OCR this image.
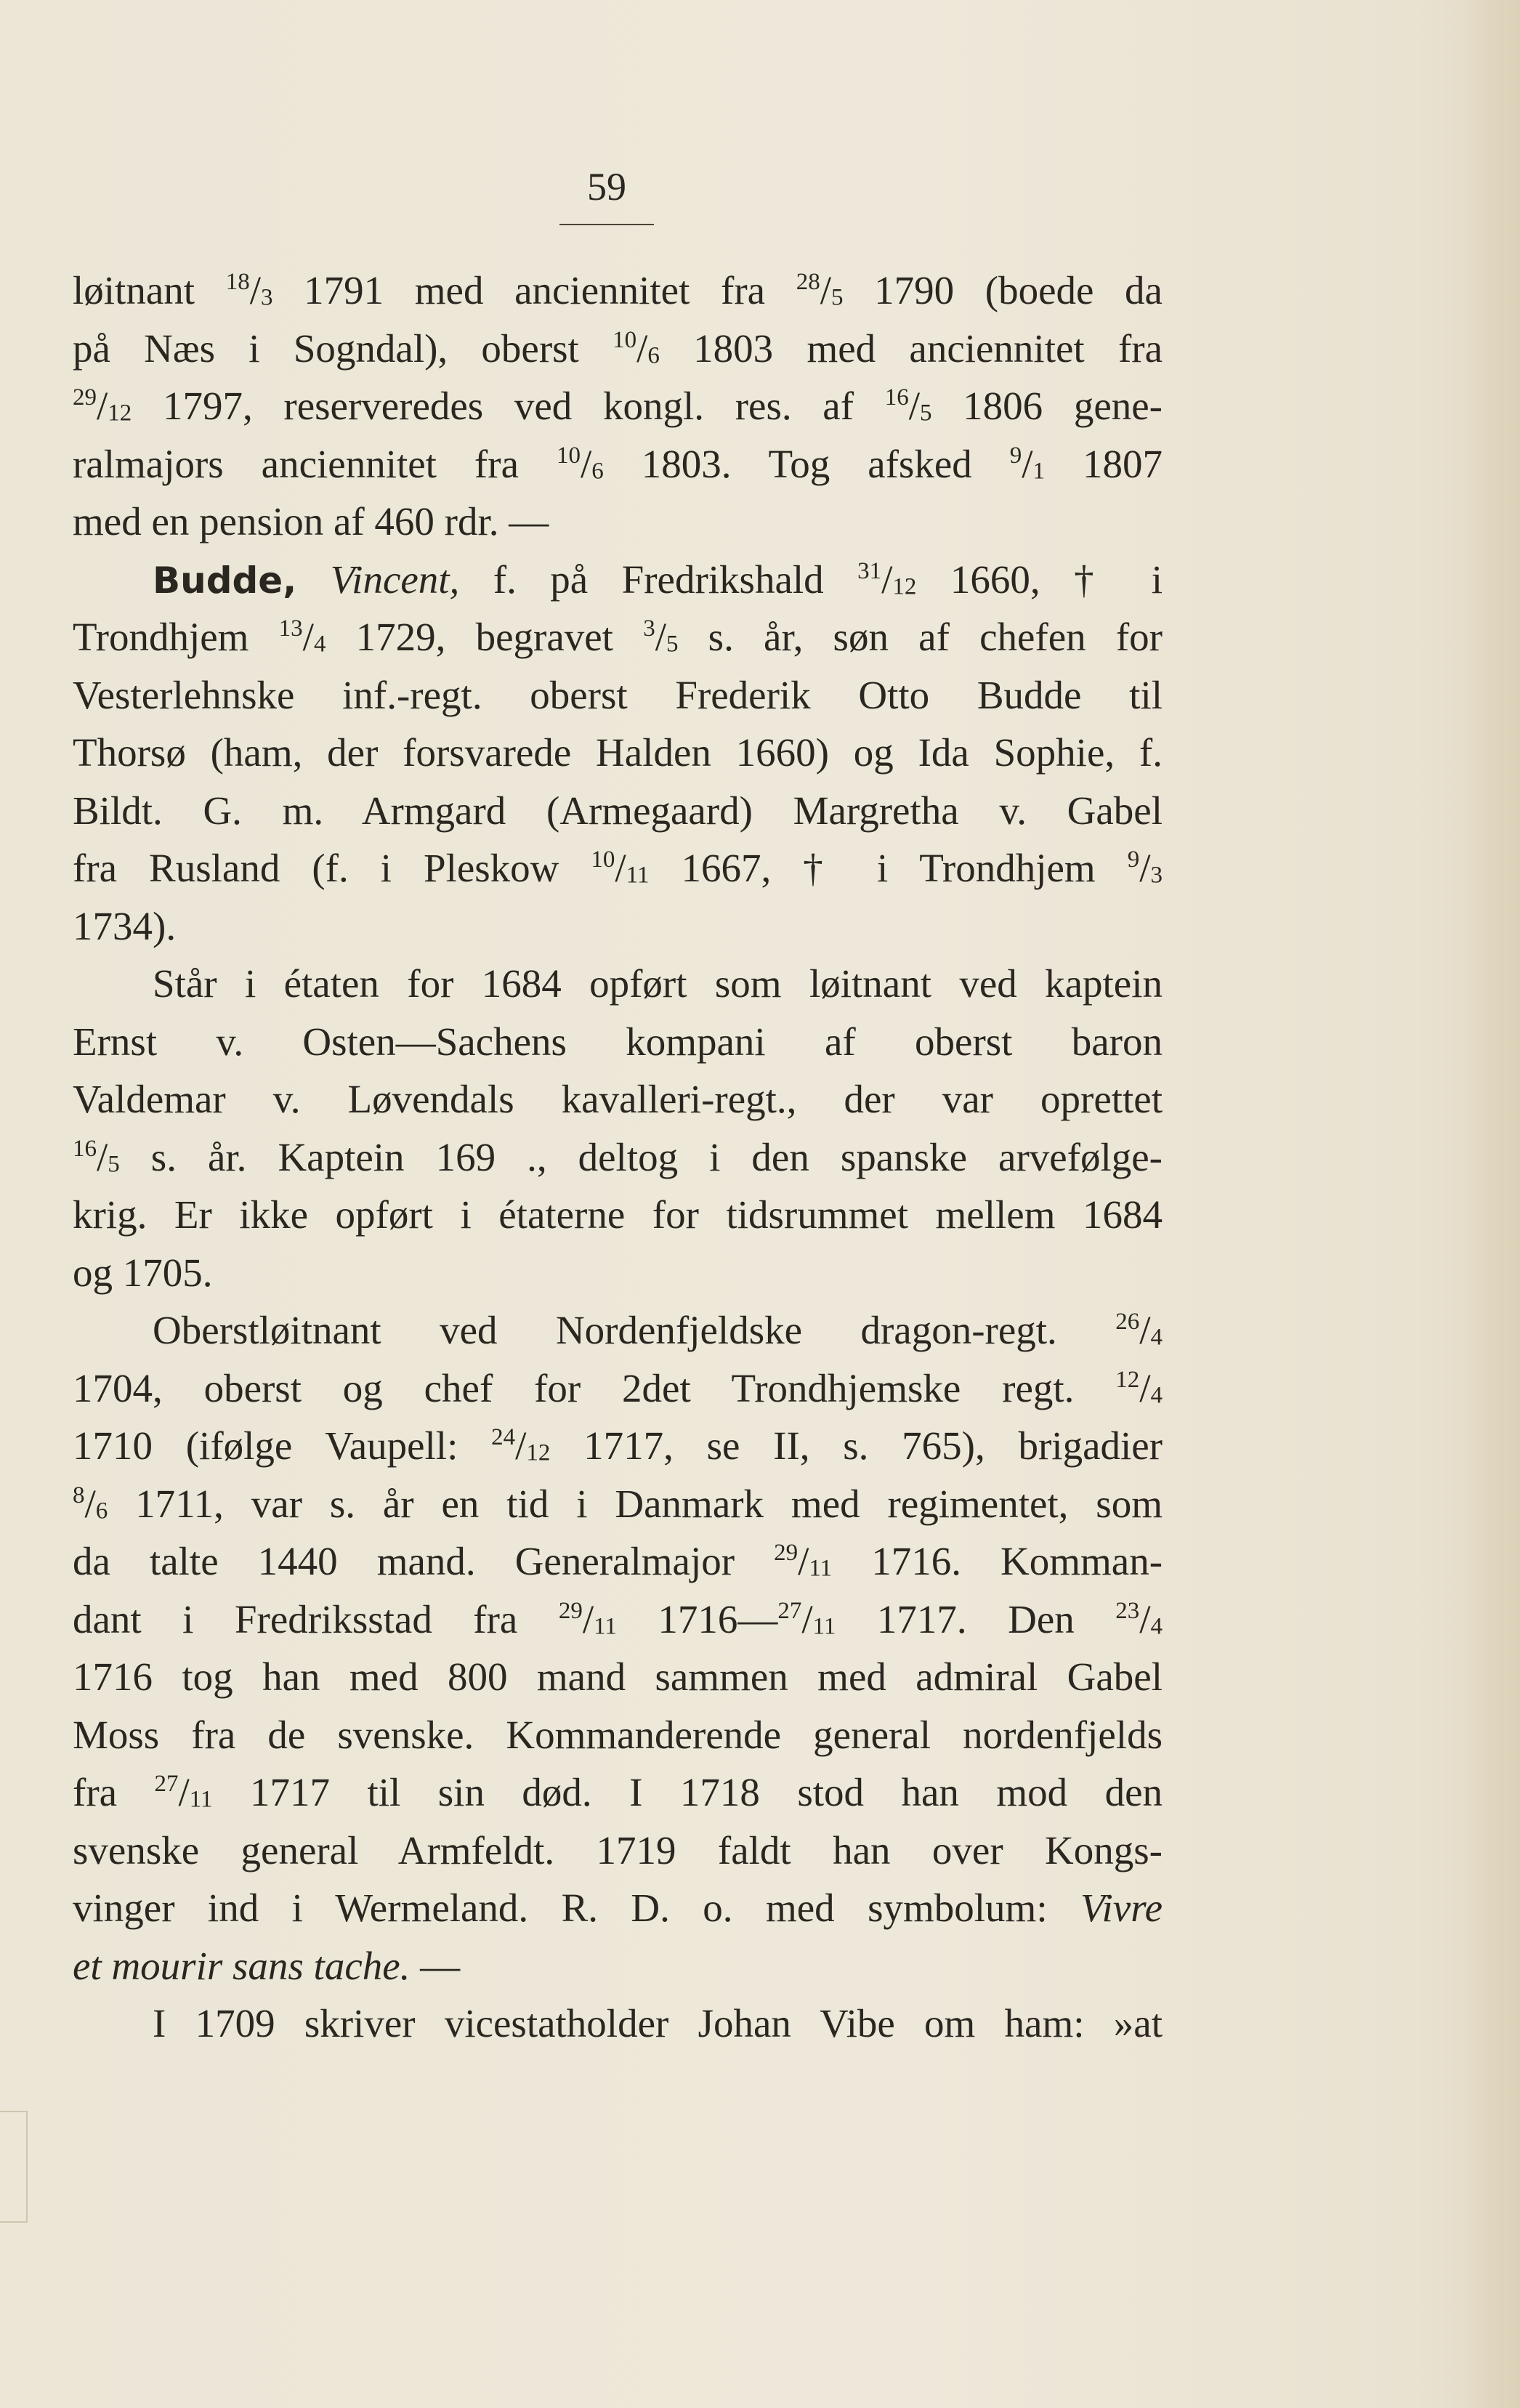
59
løitnant $^{18}/_3$ 1791 med anciennitet fra $^{28}/_5$ 1790 (boede da
på Næs i Sogndal), oberst $^{10}/_6$ 1803 med anciennitet fra
$^{29}/_{12}$ 1797, reserveredes ved kongl. res. af $^{16}/_5$ 1806 gene-
ralmajors anciennitet fra $^{10}/_6$ 1803. Tog afsked $^9/_1$ 1807
med en pension af 460 rdr. —
Budde, Vincent, f. på Fredrikshald $^{31}/_{12}$ 1660, † i
Trondhjem $^{13}/_4$ 1729, begravet $^3/_5$ s. år, søn af chefen for
Vesterlehnske inf.-regt. oberst Frederik Otto Budde til
Thorsø (ham, der forsvarede Halden 1660) og Ida Sophie, f.
Bildt. G. m. Armgard (Armegaard) Margretha v. Gabel
fra Rusland (f. i Pleskow $^{10}/_{11}$ 1667, † i Trondhjem $^9/_3$
1734).
Står i étaten for 1684 opført som løitnant ved kaptein
Ernst v. Osten—Sachens kompani af oberst baron
Valdemar v. Løvendals kavalleri-regt., der var oprettet
$^{16}/_5$ s. år. Kaptein 169 ., deltog i den spanske arvefølge-
krig. Er ikke opført i étaterne for tidsrummet mellem 1684
og 1705.
Oberstløitnant ved Nordenfjeldske dragon-regt. $^{26}/_4$
1704, oberst og chef for 2det Trondhjemske regt. $^{12}/_4$
1710 (ifølge Vaupell: $^{24}/_{12}$ 1717, se II, s. 765), brigadier
$^8/_6$ 1711, var s. år en tid i Danmark med regimentet, som
da talte 1440 mand. Generalmajor $^{29}/_{11}$ 1716. Komman-
dant i Fredriksstad fra $^{29}/_{11}$ $1716—^{27}/_{11}$ 1717. Den $^{23}/_4$
1716 tog han med 800 mand sammen med admiral Gabel
Moss fra de svenske. Kommanderende general nordenfjelds
fra $^{27}/_{11}$ 1717 til sin død. I 1718 stod han mod den
svenske general Armfeldt. 1719 faldt han over Kongs-
vinger ind i Wermeland. R. D. o. med symbolum: Vivre
et mourir sans tache. —
I 1709 skriver vicestatholder Johan Vibe om ham: »at
